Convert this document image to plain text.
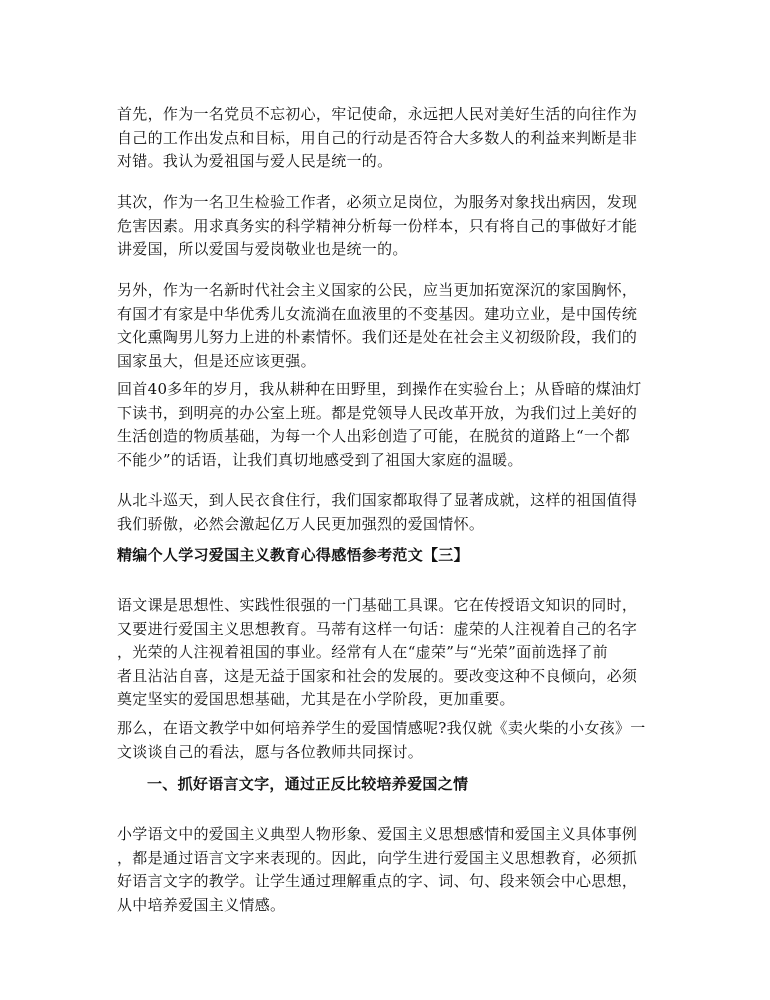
首先，作为一名党员不忘初心，牢记使命，永远把人民对美好生活的向往作为
自己的工作出发点和目标，用自己的行动是否符合大多数人的利益来判断是非
对错。我认为爱祖国与爱人民是统一的。

其次，作为一名卫生检验工作者，必须立足岗位，为服务对象找出病因，发现
危害因素。用求真务实的科学精神分析每一份样本，只有将自己的事做好才能
讲爱国，所以爱国与爱岗敬业也是统一的。

另外，作为一名新时代社会主义国家的公民，应当更加拓宽深沉的家国胸怀，
有国才有家是中华优秀儿女流淌在血液里的不变基因。建功立业，是中国传统
文化熏陶男儿努力上进的朴素情怀。我们还是处在社会主义初级阶段，我们的
国家虽大，但是还应该更强。

回首40多年的岁月，我从耕种在田野里，到操作在实验台上；从昏暗的煤油灯
下读书，到明亮的办公室上班。都是党领导人民改革开放，为我们过上美好的
生活创造的物质基础，为每一个人出彩创造了可能，在脱贫的道路上“一个都
不能少”的话语，让我们真切地感受到了祖国大家庭的温暖。

从北斗巡天，到人民衣食住行，我们国家都取得了显著成就，这样的祖国值得
我们骄傲，必然会激起亿万人民更加强烈的爱国情怀。

精编个人学习爱国主义教育心得感悟参考范文【三】

语文课是思想性、实践性很强的一门基础工具课。它在传授语文知识的同时，
又要进行爱国主义思想教育。马蒂有这样一句话：虚荣的人注视着自己的名字
，光荣的人注视着祖国的事业。经常有人在“虚荣”与“光荣”面前选择了前
者且沾沾自喜，这是无益于国家和社会的发展的。要改变这种不良倾向，必须
奠定坚实的爱国思想基础，尤其是在小学阶段，更加重要。

那么，在语文教学中如何培养学生的爱国情感呢?我仅就《卖火柴的小女孩》一
文谈谈自己的看法，愿与各位教师共同探讨。

一、抓好语言文字，通过正反比较培养爱国之情

小学语文中的爱国主义典型人物形象、爱国主义思想感情和爱国主义具体事例
，都是通过语言文字来表现的。因此，向学生进行爱国主义思想教育，必须抓
好语言文字的教学。让学生通过理解重点的字、词、句、段来领会中心思想，
从中培养爱国主义情感。
